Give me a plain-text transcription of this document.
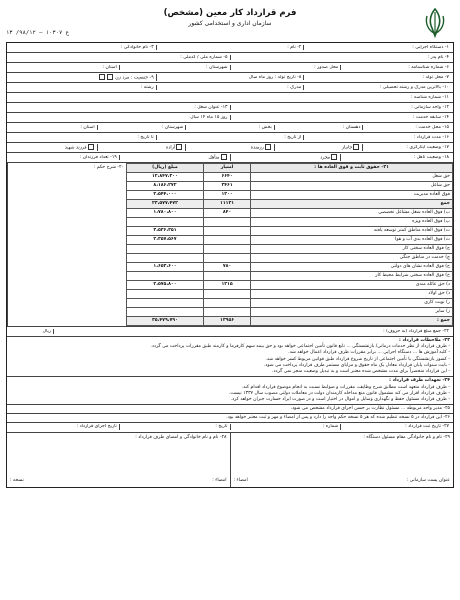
فرم قرارداد کار معین (مشخص)
سازمان اداری و استخدامی کشور
ع ۱۰۳۰۷ – ۹۸/۱۲/ ۱۳
۱- دستگاه اجرایی :
۲- نام :
۳- نام خانوادگی :
۴- نام پدر :
۵- شماره ملی / کدملی :
۶- شماره شناسنامه :
محل صدور :
شهرستان :
استان :
۷- محل تولد :
۸- تاریخ تولد : روز ماه سال
۹- جنسیت : مرد زن
۱۰- بالاترین مدرک و رشته تحصیلی :
مدرک :
رشته :
۱۱- شماره شناسه :
۱۲- واحد سازمانی :
۱۳- عنوان شغل :
۱۴- سابقه خدمت :
روز ۱۵ ماه ۱۴ سال
۱۵- محل خدمت :
دهستان :
بخش :
شهرستان :
استان :
۱۶- مدت قرارداد :
از تاریخ :
تا تاریخ :
۱۷- وضعیت ایثارگری :
جانباز
رزمنده
آزاده
فرزند شهید
۱۸- وضعیت تأهل :
مجرد
متأهل
۱۹- تعداد فرزندان :
۲۱- حقوق ثابت و فوق العاده ها :	امتیاز	مبلغ (ریال)
حق شغل	۶۶۴۰	۱۲،۸۴۷،۲۰۰
حق شاغل	۳۴۶۱	۸،۱۸۶،۲۷۲
فوق العاده مدیریت	۱۲۰۰	۲،۵۴۴،۰۰۰
جمع	۱۱۱۳۱	۲۳،۵۷۷،۴۷۲
ب) فوق العاده شغل مشاغل تخصصی	۸۴۰	۱،۷۸۰،۸۰۰
پ) فوق العاده ویژه		
ت) فوق العاده مناطق کمتر توسعه یافته		۳،۵۳۶،۳۵۱
ث) فوق العاده بدی آب و هوا		۲،۳۵۷،۵۶۷
ج) فوق العاده سختی کار		
چ) خدمت در مناطق جنگی		
ح) فوق العاده نشان های دولتی	۷۸۰	۱،۶۵۳،۶۰۰
خ) فوق العاده سختی شرایط محیط کار		
د) حق عائله مندی	۱۲۱۵	۲،۵۷۵،۸۰۰
ذ) حق اولاد		
ر) نوبت کاری		
ز) سایر		
جمع :	۱۳۹۵۶	۳۵،۴۷۹،۷۹۰
۲۰- شرح حکم :
۲۲- جمع مبلغ قرارداد (به حروف) :
ریال
۲۳- ملاحظات قرارداد :

- طرف قرارداد از نظر خدمات درمانی/ بازنشستگی ... تابع قانون تأمین اجتماعی خواهد بود و حق بیمه سهم کارفرما و کارمند طبق مقررات پرداخت می گردد.

- کلیه آموزش ها ... دستگاه اجرایی ... برابر مقررات طرف قرارداد اعمال خواهد شد.

- کسور بازنشستگی یا تأمین اجتماعی از تاریخ شروع قرارداد طبق قوانین مربوط کسر خواهد شد.

- بابت سنوات پایان قرارداد معادل یک ماه حقوق و مزایای مستمر طرف قرارداد پرداخت می شود.

- این قرارداد منحصراً برای مدت مشخص شده معتبر است و به تبدیل وضعیت منجر نمی گردد.

۲۴- تعهدات طرف قرارداد :

- طرف قرارداد متعهد است مطابق شرح وظایف، مقررات و ضوابط نسبت به انجام موضوع قرارداد اقدام کند.

- طرف قرارداد اقرار می کند مشمول قانون منع مداخله کارمندان دولت در معاملات دولتی مصوب سال ۱۳۳۷ نیست.

- طرف قرارداد مسئول حفظ و نگهداری وسایل و اموال در اختیار است و در صورت ایراد خسارت جبران خواهد کرد.

۲۵- مدیر واحد مربوطه ... مسئول نظارت بر حسن اجرای قرارداد مشخص می شود.
۲۶- این قرارداد در ۵ نسخه تنظیم شده که هر ۵ نسخه حکم واحد را دارد و پس از امضاء و مهر و ثبت معتبر خواهد بود.
۲۷- تاریخ ثبت قرارداد :
شماره :
تاریخ :
تاریخ اجرای قرارداد :
۲۹- نام و نام خانوادگی مقام مسئول دستگاه :
عنوان پست سازمانی :
امضاء :
۲۸- نام و نام خانوادگی و امضای طرف قرارداد :
امضاء :
نسخه :
